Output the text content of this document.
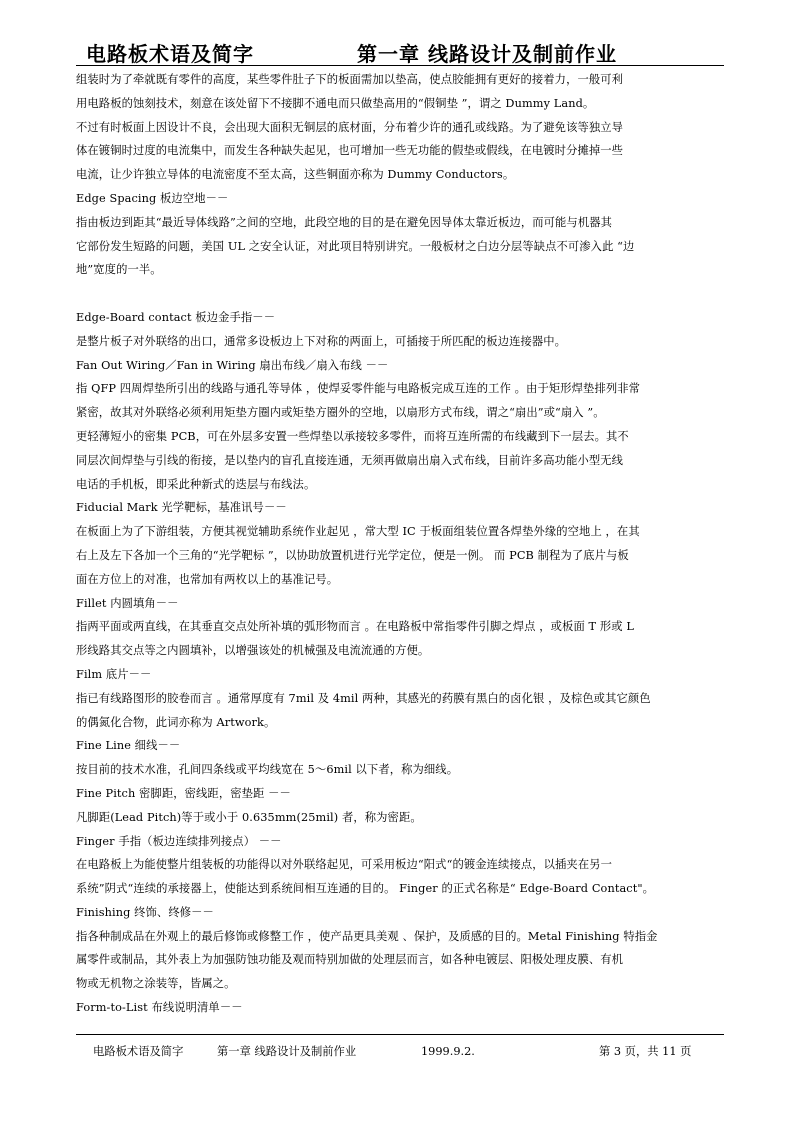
电路板术语及简字	第一章 线路设计及制前作业
组装时为了牵就既有零件的高度，某些零件肚子下的板面需加以垫高，使点胶能拥有更好的接着力，一般可利
用电路板的蚀刻技术，刻意在该处留下不接脚不通电而只做垫高用的“假铜垫 ”，谓之 Dummy Land。
不过有时板面上因设计不良，会出现大面积无铜层的底材面，分布着少许的通孔或线路。为了避免该等独立导
体在镀铜时过度的电流集中，而发生各种缺失起见，也可增加一些无功能的假垫或假线，在电镀时分摊掉一些
电流，让少许独立导体的电流密度不至太高，这些铜面亦称为 Dummy Conductors。
Edge Spacing 板边空地－－
指由板边到距其“最近导体线路”之间的空地，此段空地的目的是在避免因导体太靠近板边，而可能与机器其
它部份发生短路的问题，美国 UL 之安全认证，对此项目特别讲究。一般板材之白边分层等缺点不可渗入此 “边
地”宽度的一半。
Edge-Board contact 板边金手指－－
是整片板子对外联络的出口，通常多设板边上下对称的两面上，可插接于所匹配的板边连接器中。
Fan Out Wiring／Fan in Wiring 扇出布线／扇入布线 －－
指 QFP 四周焊垫所引出的线路与通孔等导体 ，使焊妥零件能与电路板完成互连的工作 。由于矩形焊垫排列非常
紧密，故其对外联络必须利用矩垫方圈内或矩垫方圈外的空地，以扇形方式布线，谓之“扇出”或“扇入 ”。
更轻薄短小的密集 PCB，可在外层多安置一些焊垫以承接较多零件，而将互连所需的布线藏到下一层去。其不
同层次间焊垫与引线的衔接，是以垫内的盲孔直接连通，无须再做扇出扇入式布线，目前许多高功能小型无线
电话的手机板，即采此种新式的迭层与布线法。
Fiducial Mark 光学靶标，基准讯号－－
在板面上为了下游组装，方便其视觉辅助系统作业起见 ，常大型 IC 于板面组装位置各焊垫外缘的空地上 ，在其
右上及左下各加一个三角的“光学靶标 ”，以协助放置机进行光学定位，便是一例。 而 PCB 制程为了底片与板
面在方位上的对准，也常加有两枚以上的基准记号。
Fillet 内圆填角－－
指两平面或两直线，在其垂直交点处所补填的弧形物而言 。在电路板中常指零件引脚之焊点 ，或板面 T 形或 L
形线路其交点等之内圆填补，以增强该处的机械强及电流流通的方便。
Film 底片－－
指已有线路图形的胶卷而言 。通常厚度有 7mil 及 4mil 两种，其感光的药膜有黑白的卤化银 ，及棕色或其它颜色
的偶氮化合物，此词亦称为 Artwork。
Fine Line 细线－－
按目前的技术水准，孔间四条线或平均线宽在 5～6mil 以下者，称为细线。
Fine Pitch 密脚距，密线距，密垫距 －－
凡脚距(Lead Pitch)等于或小于 0.635mm(25mil) 者，称为密距。
Finger 手指（板边连续排列接点） －－
在电路板上为能使整片组装板的功能得以对外联络起见，可采用板边“阳式“的镀金连续接点，以插夹在另一
系统”阴式“连续的承接器上，使能达到系统间相互连通的目的。 Finger 的正式名称是“ Edge-Board Contact"。
Finishing 终饰、终修－－
指各种制成品在外观上的最后修饰或修整工作 ，使产品更具美观 、保护，及质感的目的。Metal Finishing 特指金
属零件或制品，其外表上为加强防蚀功能及观而特别加做的处理层而言，如各种电镀层、阳极处理皮膜、有机
物或无机物之涂装等，皆属之。
Form-to-List 布线说明清单－－
电路板术语及简字	第一章 线路设计及制前作业	1999.9.2.	第 3 页，共 11 页
